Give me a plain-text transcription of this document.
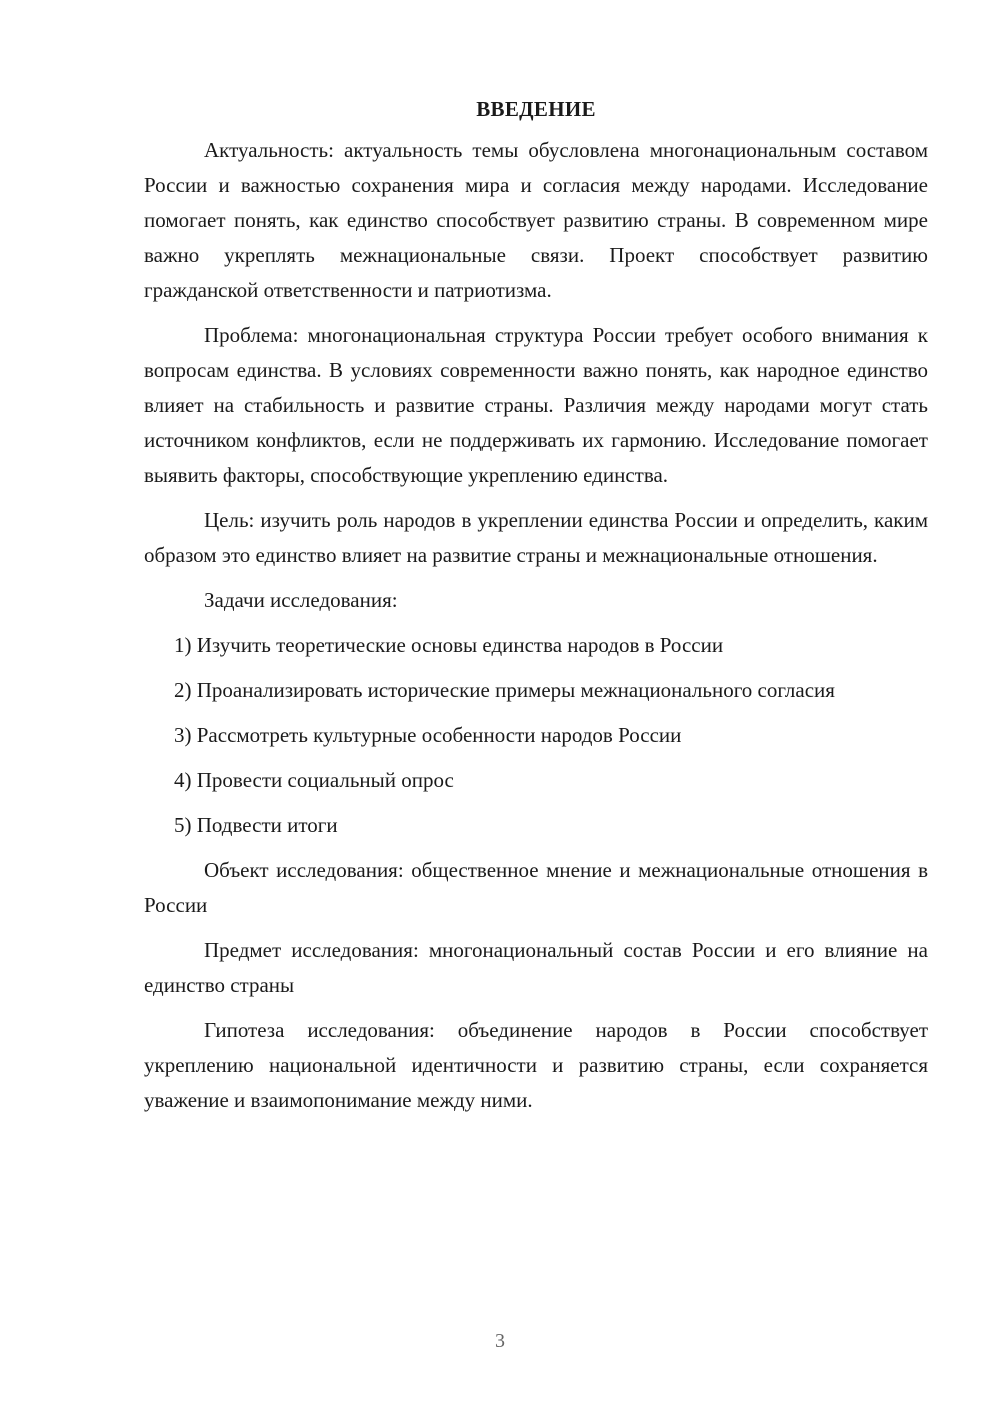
ВВЕДЕНИЕ

Актуальность: актуальность темы обусловлена многонациональным составом России и важностью сохранения мира и согласия между народами. Исследование помогает понять, как единство способствует развитию страны. В современном мире важно укреплять межнациональные связи. Проект способствует развитию гражданской ответственности и патриотизма.

Проблема: многонациональная структура России требует особого внимания к вопросам единства. В условиях современности важно понять, как народное единство влияет на стабильность и развитие страны. Различия между народами могут стать источником конфликтов, если не поддерживать их гармонию. Исследование помогает выявить факторы, способствующие укреплению единства.

Цель: изучить роль народов в укреплении единства России и определить, каким образом это единство влияет на развитие страны и межнациональные отношения.

Задачи исследования:

1) Изучить теоретические основы единства народов в России

2) Проанализировать исторические примеры межнационального согласия

3) Рассмотреть культурные особенности народов России

4) Провести социальный опрос

5) Подвести итоги

Объект исследования: общественное мнение и межнациональные отношения в России

Предмет исследования: многонациональный состав России и его влияние на единство страны

Гипотеза исследования: объединение народов в России способствует укреплению национальной идентичности и развитию страны, если сохраняется уважение и взаимопонимание между ними.

3
